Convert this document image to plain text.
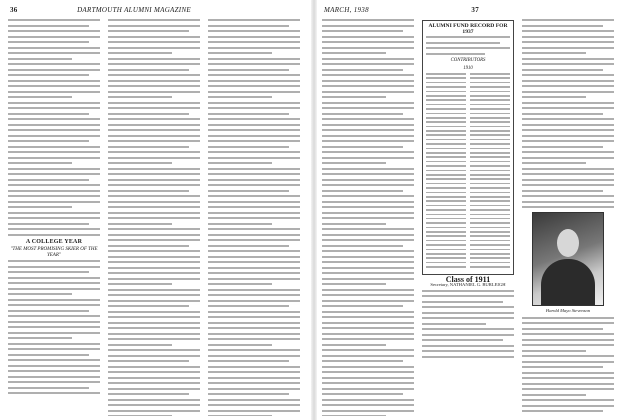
36	DARTMOUTH ALUMNI MAGAZINE
A COLLEGE YEAR
"THE MOST PROMISING SKIER OF THE YEAR"
MARCH, 1938	37
ALUMNI FUND RECORD FOR 1937
CONTRIBUTORS
1910
Class of 1911
Secretary, NATHANIEL G. BURLEIGH
Harold Mayo Stevenson
